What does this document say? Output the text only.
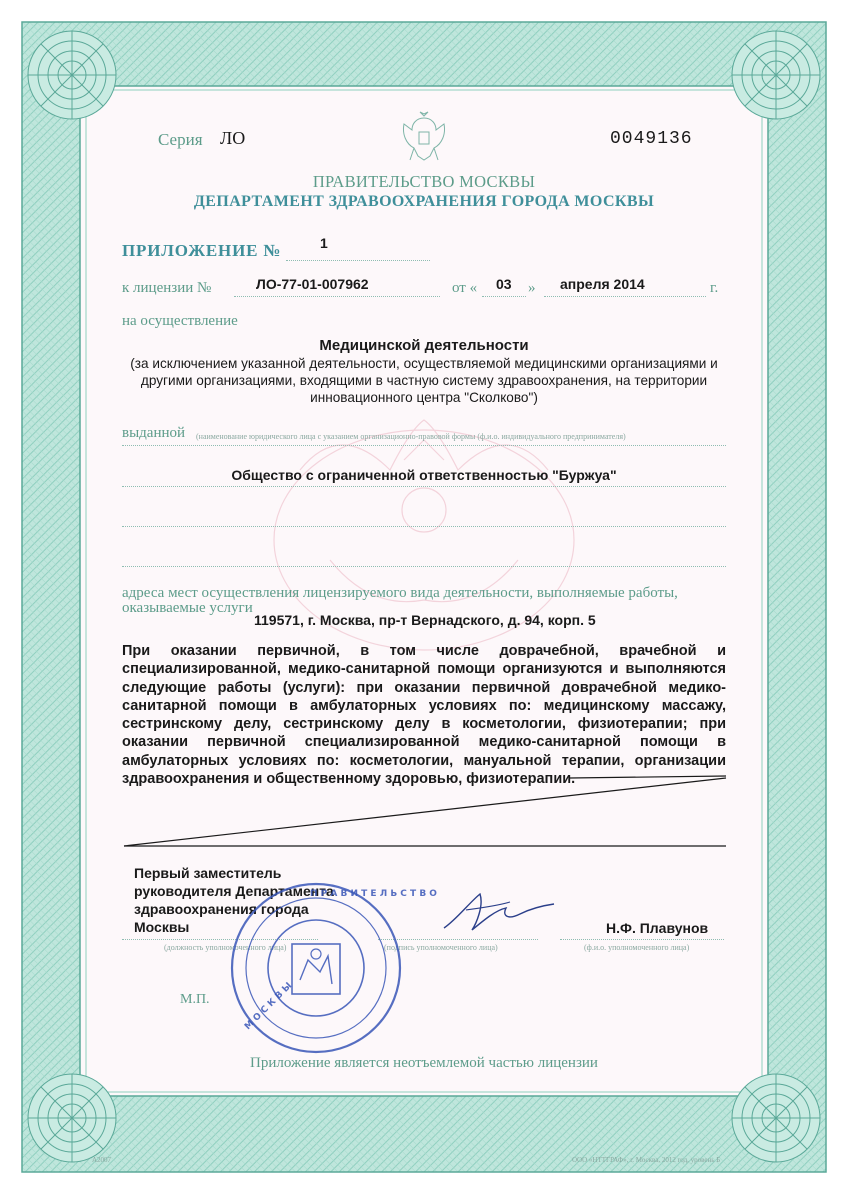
Серия ЛО	0049136
ПРАВИТЕЛЬСТВО МОСКВЫ
ДЕПАРТАМЕНТ ЗДРАВООХРАНЕНИЯ ГОРОДА МОСКВЫ
ПРИЛОЖЕНИЕ №	1
к лицензии №	ЛО-77-01-007962	от « 03 » апреля 2014	г.
на осуществление
Медицинской деятельности
(за исключением указанной деятельности, осуществляемой медицинскими организациями и другими организациями, входящими в частную систему здравоохранения, на территории инновационного центра "Сколково")
выданной (наименование юридического лица с указанием организационно-правовой формы (ф.и.о. индивидуального предпринимателя)
Общество с ограниченной ответственностью "Буржуа"
адреса мест осуществления лицензируемого вида деятельности, выполняемые работы,
оказываемые услуги
119571, г. Москва, пр-т Вернадского, д. 94, корп. 5
При оказании первичной, в том числе доврачебной, врачебной и специализированной, медико-санитарной помощи организуются и выполняются следующие работы (услуги): при оказании первичной доврачебной медико-санитарной помощи в амбулаторных условиях по: медицинскому массажу, сестринскому делу, сестринскому делу в косметологии, физиотерапии; при оказании первичной специализированной медико-санитарной помощи в амбулаторных условиях по: косметологии, мануальной терапии, организации здравоохранения и общественному здоровью, физиотерапии.
Первый заместитель
руководителя Департамента
здравоохранения города
Москвы
(должность уполномоченного лица)	(подпись уполномоченного лица)
Н.Ф. Плавунов
(ф.и.о. уполномоченного лица)
М.П.
П Р А В И Т Е Л Ь С Т В О
М О С К В Ы
Приложение является неотъемлемой частью лицензии
А2007	ООО «НТТГРАФ», г. Москва, 2012 год, уровень Б
